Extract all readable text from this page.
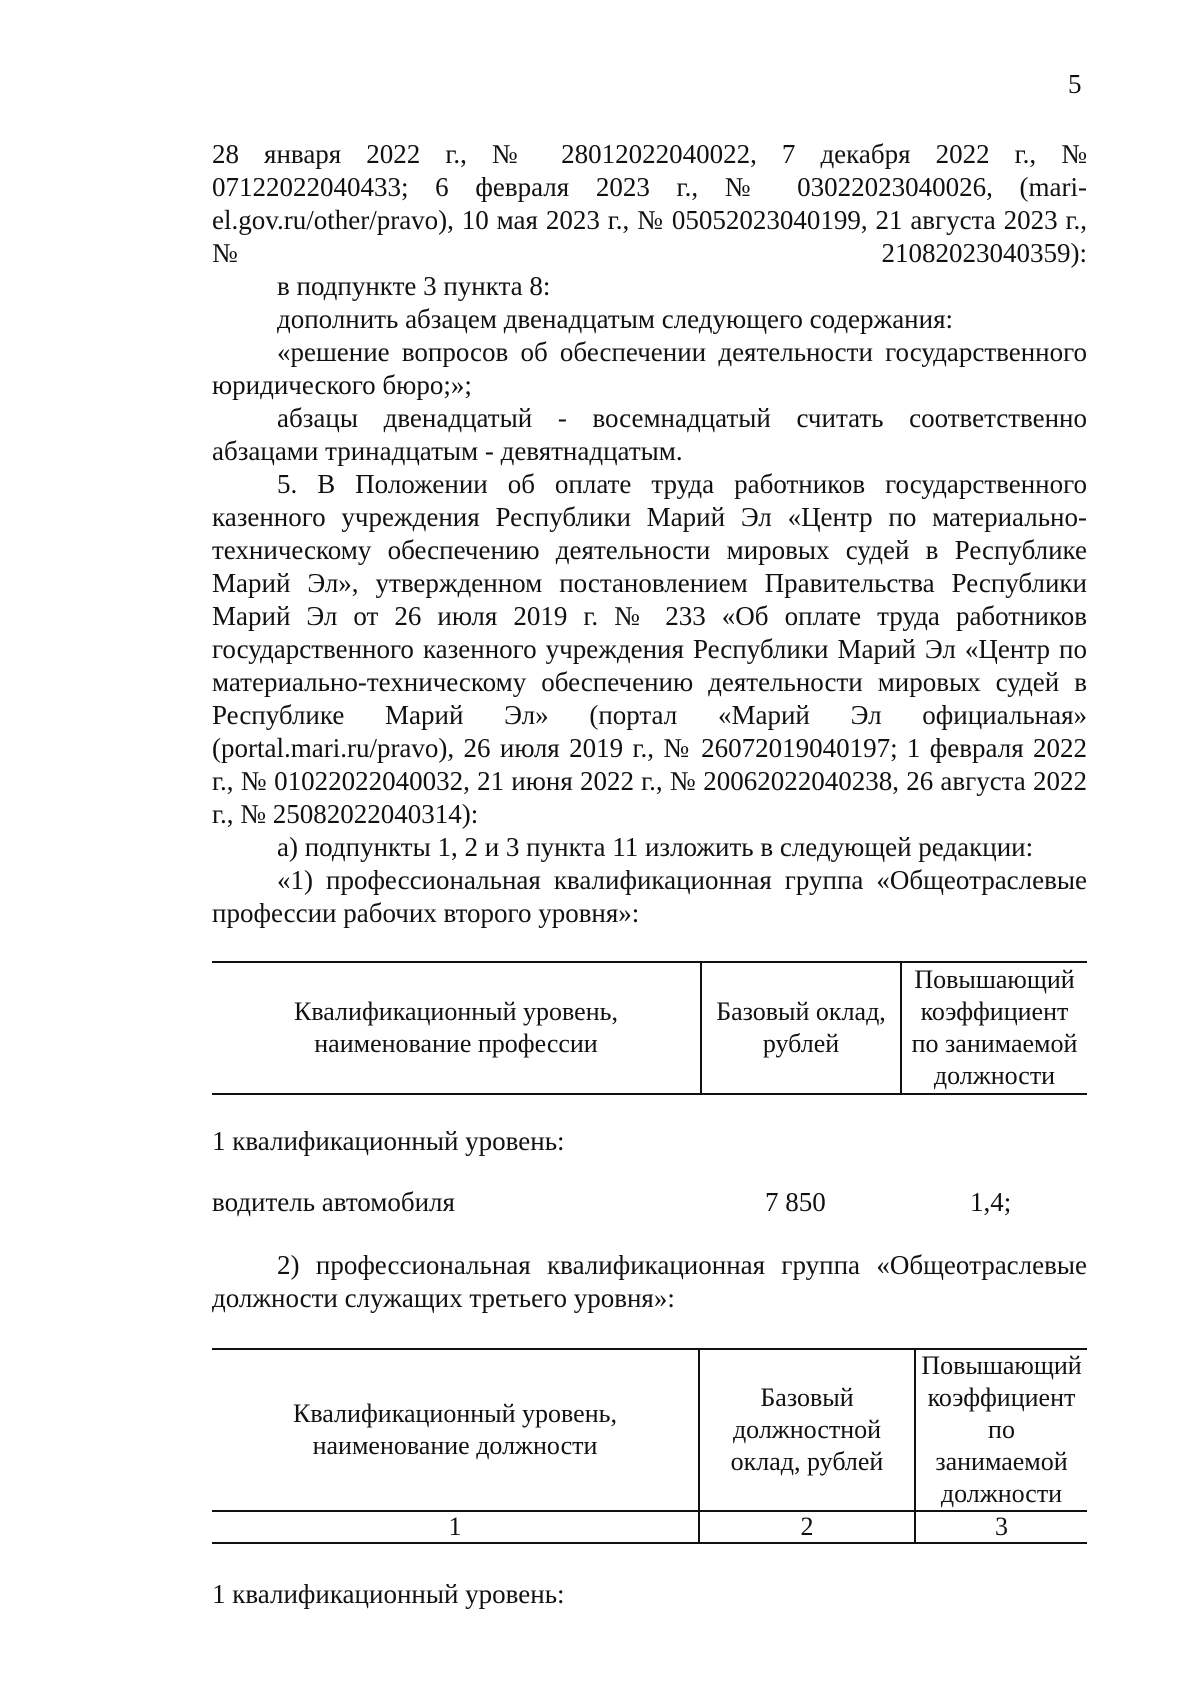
5

28 января 2022 г., № 28012022040022, 7 декабря 2022 г., № 07122022040433; 6 февраля 2023 г., № 03022023040026, (mari-el.gov.ru/other/pravo), 10 мая 2023 г., № 05052023040199, 21 августа 2023 г., № 21082023040359):

в подпункте 3 пункта 8:

дополнить абзацем двенадцатым следующего содержания:

«решение вопросов об обеспечении деятельности государственного юридического бюро;»;

абзацы двенадцатый - восемнадцатый считать соответственно абзацами тринадцатым - девятнадцатым.

5. В Положении об оплате труда работников государственного казенного учреждения Республики Марий Эл «Центр по материально-техническому обеспечению деятельности мировых судей в Республике Марий Эл», утвержденном постановлением Правительства Республики Марий Эл от 26 июля 2019 г. № 233 «Об оплате труда работников государственного казенного учреждения Республики Марий Эл «Центр по материально-техническому обеспечению деятельности мировых судей в Республике Марий Эл» (портал «Марий Эл официальная» (portal.mari.ru/pravo), 26 июля 2019 г., № 26072019040197; 1 февраля 2022 г., № 01022022040032, 21 июня 2022 г., № 20062022040238, 26 августа 2022 г., № 25082022040314):

а) подпункты 1, 2 и 3 пункта 11 изложить в следующей редакции:

«1) профессиональная квалификационная группа «Общеотраслевые профессии рабочих второго уровня»:

Квалификационный уровень, наименование профессии	Базовый оклад, рублей	Повышающий коэффициент по занимаемой должности

1 квалификационный уровень:

водитель автомобиля	7 850	1,4;

2) профессиональная квалификационная группа «Общеотраслевые должности служащих третьего уровня»:

Квалификационный уровень, наименование должности	Базовый должностной оклад, рублей	Повышающий коэффициент по занимаемой должности
1	2	3

1 квалификационный уровень:
